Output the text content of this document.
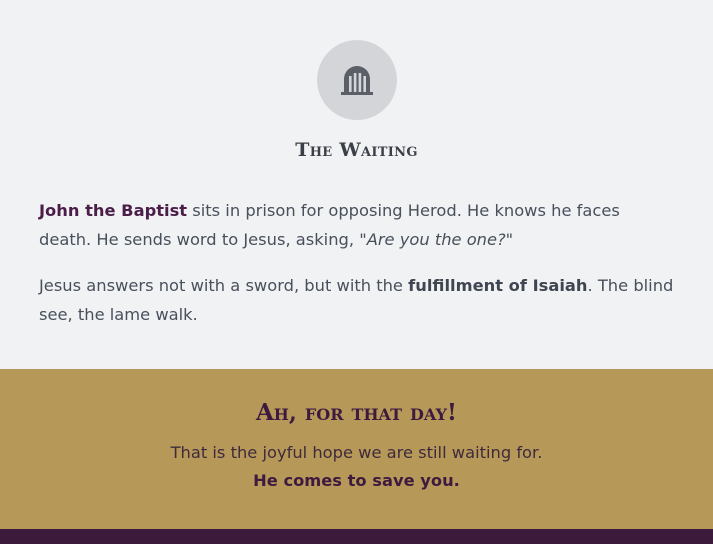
The Waiting

John the Baptist sits in prison for opposing Herod. He knows he faces death. He sends word to Jesus, asking, "Are you the one?"

Jesus answers not with a sword, but with the fulfillment of Isaiah. The blind see, the lame walk.

Ah, for that day!
That is the joyful hope we are still waiting for.
He comes to save you.
